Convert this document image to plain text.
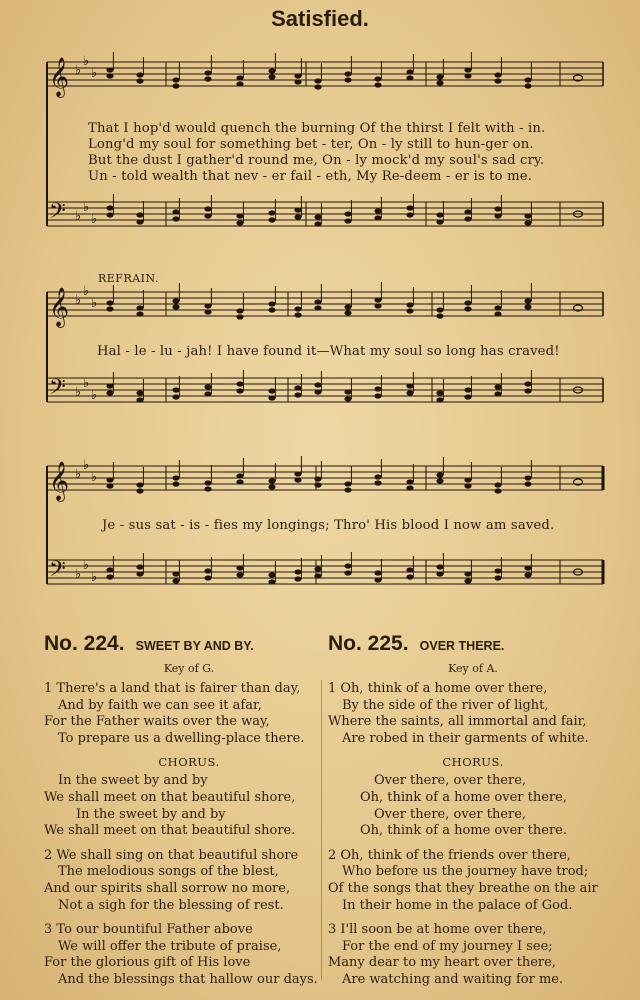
Satisfied.
𝄞 ♭
♭
♭
𝄢 ♭
♭
♭
𝄞 ♭
♭
♭
𝄢 ♭
♭
♭
𝄞 ♭
♭
♭
𝄢 ♭
♭
♭
That I hop'd would quench the burning Of the thirst I felt with - in.
Long'd my soul for something bet - ter, On - ly still to hun-ger on.
But the dust I gather'd round me, On - ly mock'd my soul's sad cry.
Un - told wealth that nev - er fail - eth, My Re-deem - er is to me.
REFRAIN.
Hal - le - lu - jah! I have found it—What my soul so long has craved!
Je - sus sat - is - fies my longings; Thro' His blood I now am saved.
No. 224. SWEET BY AND BY.
Key of G.
1 There's a land that is fairer than day,
And by faith we can see it afar,
For the Father waits over the way,
To prepare us a dwelling-place there.
CHORUS.
In the sweet by and by
We shall meet on that beautiful shore,
In the sweet by and by
We shall meet on that beautiful shore.
2 We shall sing on that beautiful shore
The melodious songs of the blest,
And our spirits shall sorrow no more,
Not a sigh for the blessing of rest.
3 To our bountiful Father above
We will offer the tribute of praise,
For the glorious gift of His love
And the blessings that hallow our days.
No. 225. OVER THERE.
Key of A.
1 Oh, think of a home over there,
By the side of the river of light,
Where the saints, all immortal and fair,
Are robed in their garments of white.
CHORUS.
Over there, over there,
Oh, think of a home over there,
Over there, over there,
Oh, think of a home over there.
2 Oh, think of the friends over there,
Who before us the journey have trod;
Of the songs that they breathe on the air
In their home in the palace of God.
3 I'll soon be at home over there,
For the end of my journey I see;
Many dear to my heart over there,
Are watching and waiting for me.
